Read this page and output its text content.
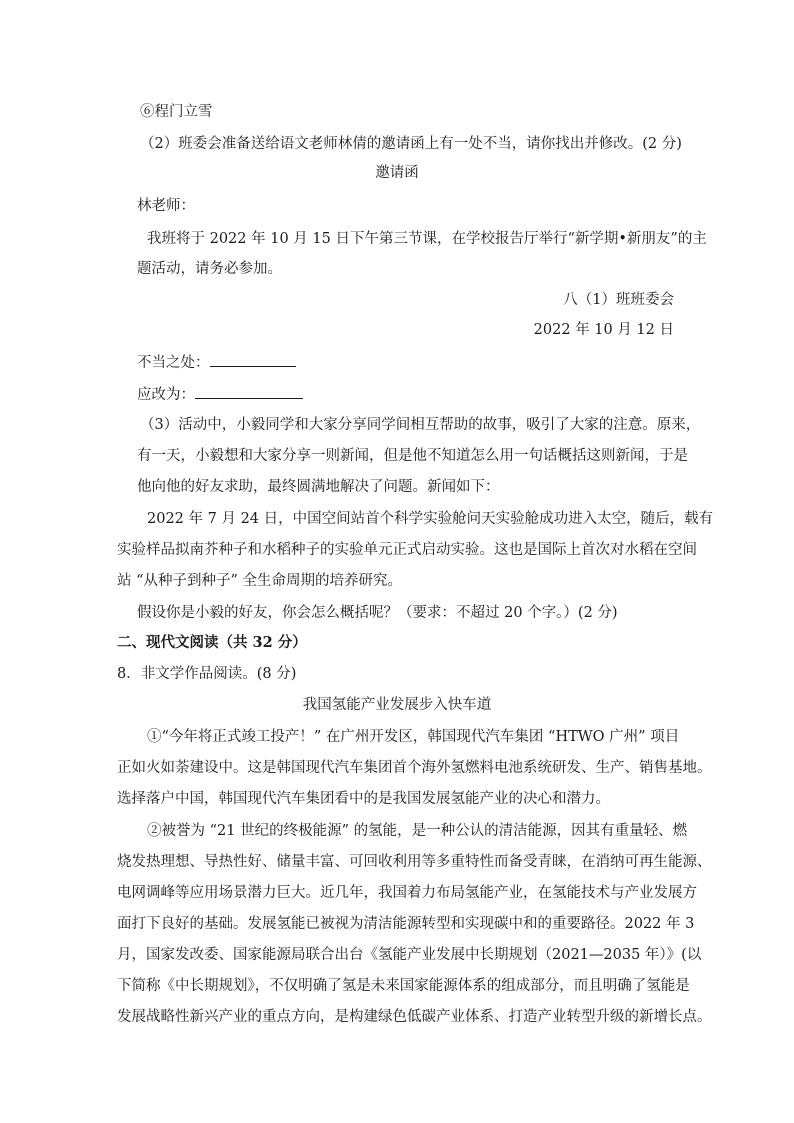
⑥程门立雪
（2）班委会准备送给语文老师林倩的邀请函上有一处不当，请你找出并修改。(2 分)
邀请函
林老师：
我班将于 2022 年 10 月 15 日下午第三节课，在学校报告厅举行“新学期•新朋友”的主
题活动，请务必参加。
八（1）班班委会
2022 年 10 月 12 日
不当之处：
应改为：
（3）活动中，小毅同学和大家分享同学间相互帮助的故事，吸引了大家的注意。原来，
有一天，小毅想和大家分享一则新闻，但是他不知道怎么用一句话概括这则新闻，于是
他向他的好友求助，最终圆满地解决了问题。新闻如下：
2022 年 7 月 24 日，中国空间站首个科学实验舱问天实验舱成功进入太空，随后，载有
实验样品拟南芥种子和水稻种子的实验单元正式启动实验。这也是国际上首次对水稻在空间
站 “从种子到种子” 全生命周期的培养研究。
假设你是小毅的好友，你会怎么概括呢？（要求：不超过 20 个字。）(2 分)
二、现代文阅读（共 32 分）
8．非文学作品阅读。(8 分)
我国氢能产业发展步入快车道
①“今年将正式竣工投产！” 在广州开发区，韩国现代汽车集团 “HTWO 广州” 项目
正如火如荼建设中。这是韩国现代汽车集团首个海外氢燃料电池系统研发、生产、销售基地。
选择落户中国，韩国现代汽车集团看中的是我国发展氢能产业的决心和潜力。
②被誉为 “21 世纪的终极能源” 的氢能，是一种公认的清洁能源，因其有重量轻、燃
烧发热理想、导热性好、储量丰富、可回收利用等多重特性而备受青睐，在消纳可再生能源、
电网调峰等应用场景潜力巨大。近几年，我国着力布局氢能产业，在氢能技术与产业发展方
面打下良好的基础。发展氢能已被视为清洁能源转型和实现碳中和的重要路径。2022 年 3
月，国家发改委、国家能源局联合出台《氢能产业发展中长期规划（2021—2035 年）》(以
下简称《中长期规划》，不仅明确了氢是未来国家能源体系的组成部分，而且明确了氢能是
发展战略性新兴产业的重点方向，是构建绿色低碳产业体系、打造产业转型升级的新增长点。
